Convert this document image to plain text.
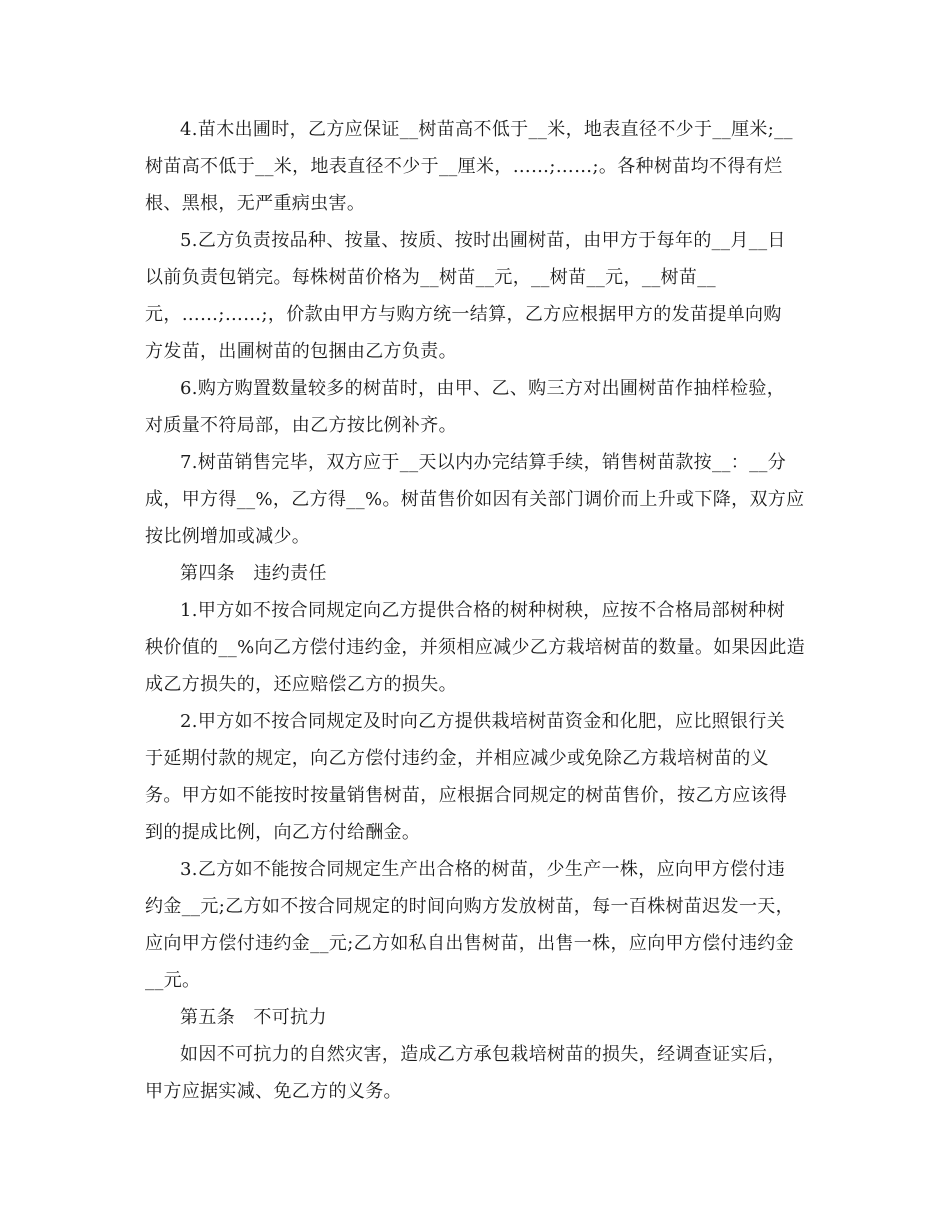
4.苗木出圃时，乙方应保证__树苗高不低于__米，地表直径不少于__厘米;__
树苗高不低于__米，地表直径不少于__厘米，……;……;。各种树苗均不得有烂
根、黑根，无严重病虫害。
5.乙方负责按品种、按量、按质、按时出圃树苗，由甲方于每年的__月__日
以前负责包销完。每株树苗价格为__树苗__元，__树苗__元，__树苗__
元，……;……;，价款由甲方与购方统一结算，乙方应根据甲方的发苗提单向购
方发苗，出圃树苗的包捆由乙方负责。
6.购方购置数量较多的树苗时，由甲、乙、购三方对出圃树苗作抽样检验，
对质量不符局部，由乙方按比例补齐。
7.树苗销售完毕，双方应于__天以内办完结算手续，销售树苗款按__：__分
成，甲方得__%，乙方得__%。树苗售价如因有关部门调价而上升或下降，双方应
按比例增加或减少。
第四条　违约责任
1.甲方如不按合同规定向乙方提供合格的树种树秧，应按不合格局部树种树
秧价值的__%向乙方偿付违约金，并须相应减少乙方栽培树苗的数量。如果因此造
成乙方损失的，还应赔偿乙方的损失。
2.甲方如不按合同规定及时向乙方提供栽培树苗资金和化肥，应比照银行关
于延期付款的规定，向乙方偿付违约金，并相应减少或免除乙方栽培树苗的义
务。甲方如不能按时按量销售树苗，应根据合同规定的树苗售价，按乙方应该得
到的提成比例，向乙方付给酬金。
3.乙方如不能按合同规定生产出合格的树苗，少生产一株，应向甲方偿付违
约金__元;乙方如不按合同规定的时间向购方发放树苗，每一百株树苗迟发一天，
应向甲方偿付违约金__元;乙方如私自出售树苗，出售一株，应向甲方偿付违约金
__元。
第五条　不可抗力
如因不可抗力的自然灾害，造成乙方承包栽培树苗的损失，经调查证实后，
甲方应据实减、免乙方的义务。
